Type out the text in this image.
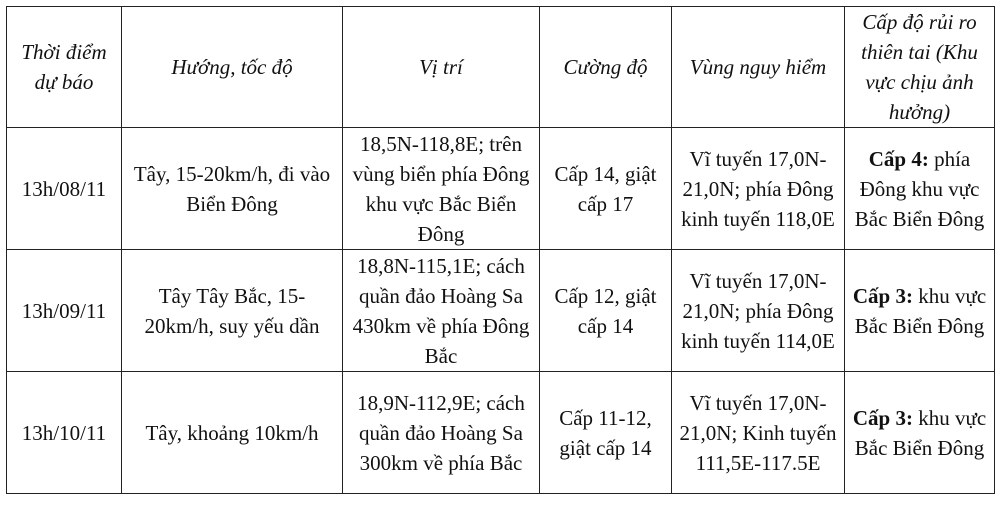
Thời điểm dự báo	Hướng, tốc độ	Vị trí	Cường độ	Vùng nguy hiểm	Cấp độ rủi ro thiên tai (Khu vực chịu ảnh hưởng)
13h/08/11	Tây, 15-20km/h, đi vào Biển Đông	18,5N-118,8E; trên vùng biển phía Đông khu vực Bắc Biển Đông	Cấp 14, giật cấp 17	Vĩ tuyến 17,0N-21,0N; phía Đông kinh tuyến 118,0E	Cấp 4: phía Đông khu vực Bắc Biển Đông
13h/09/11	Tây Tây Bắc, 15-20km/h, suy yếu dần	18,8N-115,1E; cách quần đảo Hoàng Sa 430km về phía Đông Bắc	Cấp 12, giật cấp 14	Vĩ tuyến 17,0N-21,0N; phía Đông kinh tuyến 114,0E	Cấp 3: khu vực Bắc Biển Đông
13h/10/11	Tây, khoảng 10km/h	18,9N-112,9E; cách quần đảo Hoàng Sa 300km về phía Bắc	Cấp 11-12, giật cấp 14	Vĩ tuyến 17,0N-21,0N; Kinh tuyến 111,5E-117.5E	Cấp 3: khu vực Bắc Biển Đông
